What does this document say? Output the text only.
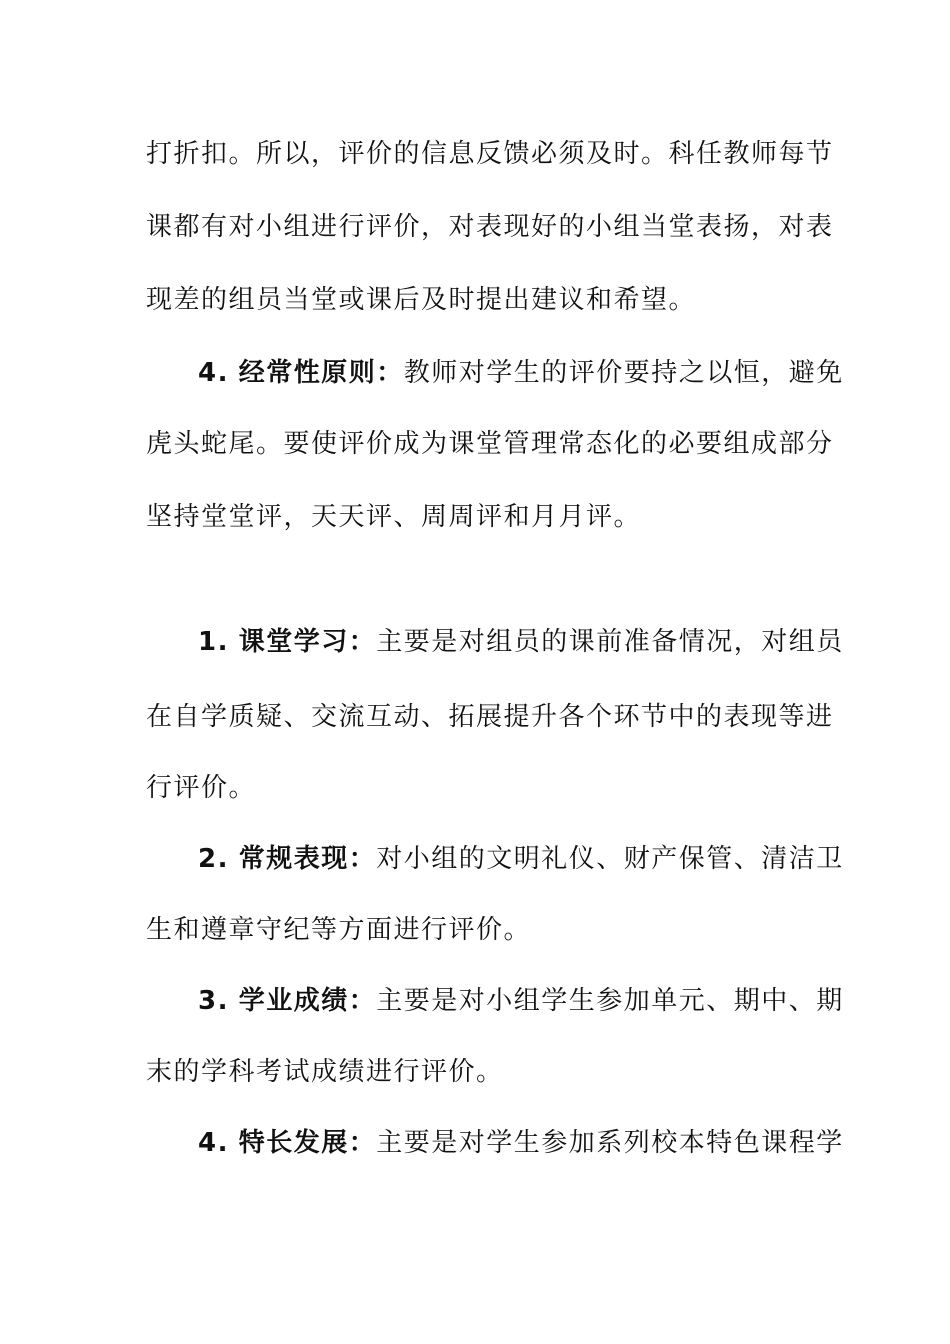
打折扣。所以，评价的信息反馈必须及时。科任教师每节
课都有对小组进行评价，对表现好的小组当堂表扬，对表
现差的组员当堂或课后及时提出建议和希望。
4. 经常性原则：教师对学生的评价要持之以恒，避免
虎头蛇尾。要使评价成为课堂管理常态化的必要组成部分
坚持堂堂评，天天评、周周评和月月评。
1. 课堂学习：主要是对组员的课前准备情况，对组员
在自学质疑、交流互动、拓展提升各个环节中的表现等进
行评价。
2. 常规表现：对小组的文明礼仪、财产保管、清洁卫
生和遵章守纪等方面进行评价。
3. 学业成绩：主要是对小组学生参加单元、期中、期
末的学科考试成绩进行评价。
4. 特长发展：主要是对学生参加系列校本特色课程学
